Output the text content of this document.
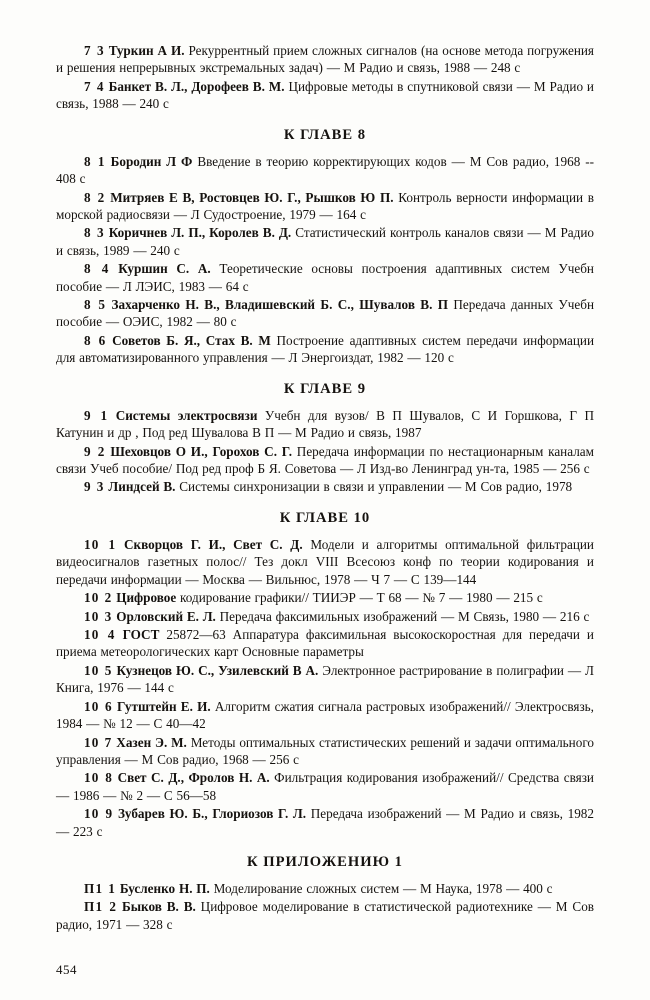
7 3 Туркин А И. Рекуррентный прием сложных сигналов (на основе метода погружения и решения непрерывных экстремальных задач) — М Радио и связь, 1988 — 248 с

7 4 Банкет В. Л., Дорофеев В. М. Цифровые методы в спутниковой связи — М Радио и связь, 1988 — 240 с

К ГЛАВЕ 8

8 1 Бородин Л Ф Введение в теорию корректирующих кодов — М Сов радио, 1968 -- 408 с

8 2 Митряев Е В, Ростовцев Ю. Г., Рышков Ю П. Контроль верности информации в морской радиосвязи — Л Судостроение, 1979 — 164 с

8 3 Коричнев Л. П., Королев В. Д. Статистический контроль каналов связи — М Радио и связь, 1989 — 240 с

8 4 Куршин С. А. Теоретические основы построения адаптивных систем Учебн пособие — Л ЛЭИС, 1983 — 64 с

8 5 Захарченко Н. В., Владишевский Б. С., Шувалов В. П Передача данных Учебн пособие — ОЭИС, 1982 — 80 с

8 6 Советов Б. Я., Стах В. М Построение адаптивных систем передачи информации для автоматизированного управления — Л Энергоиздат, 1982 — 120 с

К ГЛАВЕ 9

9 1 Системы электросвязи Учебн для вузов/ В П Шувалов, С И Горшкова, Г П Катунин и др , Под ред Шувалова В П — М Радио и связь, 1987

9 2 Шеховцов О И., Горохов С. Г. Передача информации по нестационарным каналам связи Учеб пособие/ Под ред проф Б Я. Советова — Л Изд-во Ленинград ун-та, 1985 — 256 с

9 3 Линдсей В. Системы синхронизации в связи и управлении — М Сов радио, 1978

К ГЛАВЕ 10

10 1 Скворцов Г. И., Свет С. Д. Модели и алгоритмы оптимальной фильтрации видеосигналов газетных полос// Тез докл VIII Всесоюз конф по теории кодирования и передачи информации — Москва — Вильнюс, 1978 — Ч 7 — С 139—144

10 2 Цифровое кодирование графики// ТИИЭР — Т 68 — № 7 — 1980 — 215 с

10 3 Орловский Е. Л. Передача факсимильных изображений — М Связь, 1980 — 216 с

10 4 ГОСТ 25872—63 Аппаратура факсимильная высокоскоростная для передачи и приема метеорологических карт Основные параметры

10 5 Кузнецов Ю. С., Узилевский В А. Электронное растрирование в полиграфии — Л Книга, 1976 — 144 с

10 6 Гутштейн Е. И. Алгоритм сжатия сигнала растровых изображений// Электросвязь, 1984 — № 12 — С 40—42

10 7 Хазен Э. М. Методы оптимальных статистических решений и задачи оптимального управления — М Сов радио, 1968 — 256 с

10 8 Свет С. Д., Фролов Н. А. Фильтрация кодирования изображений// Средства связи — 1986 — № 2 — С 56—58

10 9 Зубарев Ю. Б., Глориозов Г. Л. Передача изображений — М Радио и связь, 1982 — 223 с

К ПРИЛОЖЕНИЮ 1

П1 1 Бусленко Н. П. Моделирование сложных систем — М Наука, 1978 — 400 с

П1 2 Быков В. В. Цифровое моделирование в статистической радиотехнике — М Сов радио, 1971 — 328 с

454
